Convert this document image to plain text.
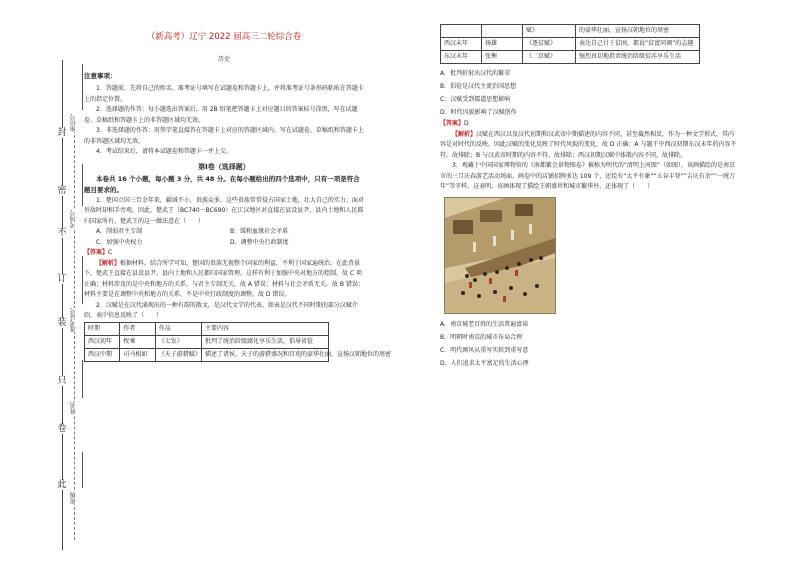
封
密
不
订
装
只
卷
此
座位号
考场号
准考证号
姓名
班级
（新高考）辽宁 2022 届高三二轮综合卷
历史
注意事项：

1．答题前，先将自己的姓名、准考证号填写在试题卷和答题卡上，并将准考证号条形码粘贴在答题卡上的指定位置。

2．选择题的作答：每小题选出答案后，用 2B 铅笔把答题卡上对应题目的答案标号涂黑，写在试题卷、草稿纸和答题卡上的非答题区域均无效。

3．非选择题的作答：用签字笔直接答在答题卡上对应的答题区域内。写在试题卷、草稿纸和答题卡上的非答题区域均无效。

4．考试结束后，请将本试题卷和答题卡一并上交。

第Ⅰ卷（选择题）

本卷共 16 个小题，每小题 3 分，共 48 分。在每小题给出的四个选项中，只有一项是符合题目要求的。

1．楚国立国三百余年来，疆域不小，贵族众多，这些贵族常常侵占国家土地，壮大自己的实力；面对外敌时却相手旁观。因此，楚武王（BC740－BC690）在江汉地区对直接在县设县尹，县内土地和人民都归国家所有。楚武王的这一做法意在（　　）

A．削弱君主专制	B．缓和血缘社会矛盾
C．加强中央权力	D．调整中央行政制度
【答案】C

【解析】根据材料，结合所学可知，楚国的贵族无视整个国家的利益，不利于国家遍统治，在此背景下，楚武王直接在县设县尹，县内土地和人民都归国家管理，这样有利于加强中央对地方的控制，故 C 项正确；材料涉及的是中央和地方的关系，与君主专制无关，故 A 错误；材料与社会矛盾无关，故 B 错误；材料主要是在调整中央和地方的关系，不是中央行政制度的调整，故 D 错误。

2．汉赋是在汉代涌现出的一种有韵的散文，是汉代文学的代表。如表是汉代不同时期的部分汉赋介绍，表中信息反映了（　　）

时期	作者	作品	主要内容
西汉初年	枚乘	《七发》	批判了统治阶级腐化享乐生活，倡导省俭
西汉中期	司马相如	《天子游猎赋》	描述了诸侯、天子的游猎盛况和宫苑的豪华壮丽，宣扬汉朝地位的周密
		赋》	的豪华壮丽，宣扬汉朝地位的周密
西汉末年	扬雄	《逐贫赋》	表达自己甘于贫困，都说“贫富同调”的志趣
东汉末年	张衡	《二京赋》	强烈真切地指责统治阶级贫淫享乐生活
A．批判折射出汉代的繁荣
B．倡俭是汉代主流治国思想
C．汉赋受到儒道思想影响
D．时代风貌影响了汉赋创作
【答案】D

【解析】汉赋在西汉以及汉代初期和汉武帝中期描述的内容不同，甚至截然相反，作为一种文学形式，其内容是对时代的反映，因此汉赋的变化反映了时代风貌的变化，故 D 正确；A 与题干中西汉初期东汉末年的内容不符，故排除；B 与汉武帝时期的内容不符，故排除；西汉初期汉赋中体散内容不同，故排除。

3．观藏于中国国家博物馆的《南都繁会景物图卷》被称为明代的“清明上河图”（如图），该画描绘的是南京市的三月庆春游艺活动场面。画卷中的店铺招牌多达 109 个，还绘有“太平有象”“五谷丰登”“吉庆有余”“一统万年”等字样。这表明，该画体现了描绘王朝盛世和城市繁华外，还体现了（　　）

A．南京城老百姓的生活普遍富裕
B．明朝时南京的城市布局合理
C．明代画风从重写实转到重写意
D．人们追求太平富足的生活心理
